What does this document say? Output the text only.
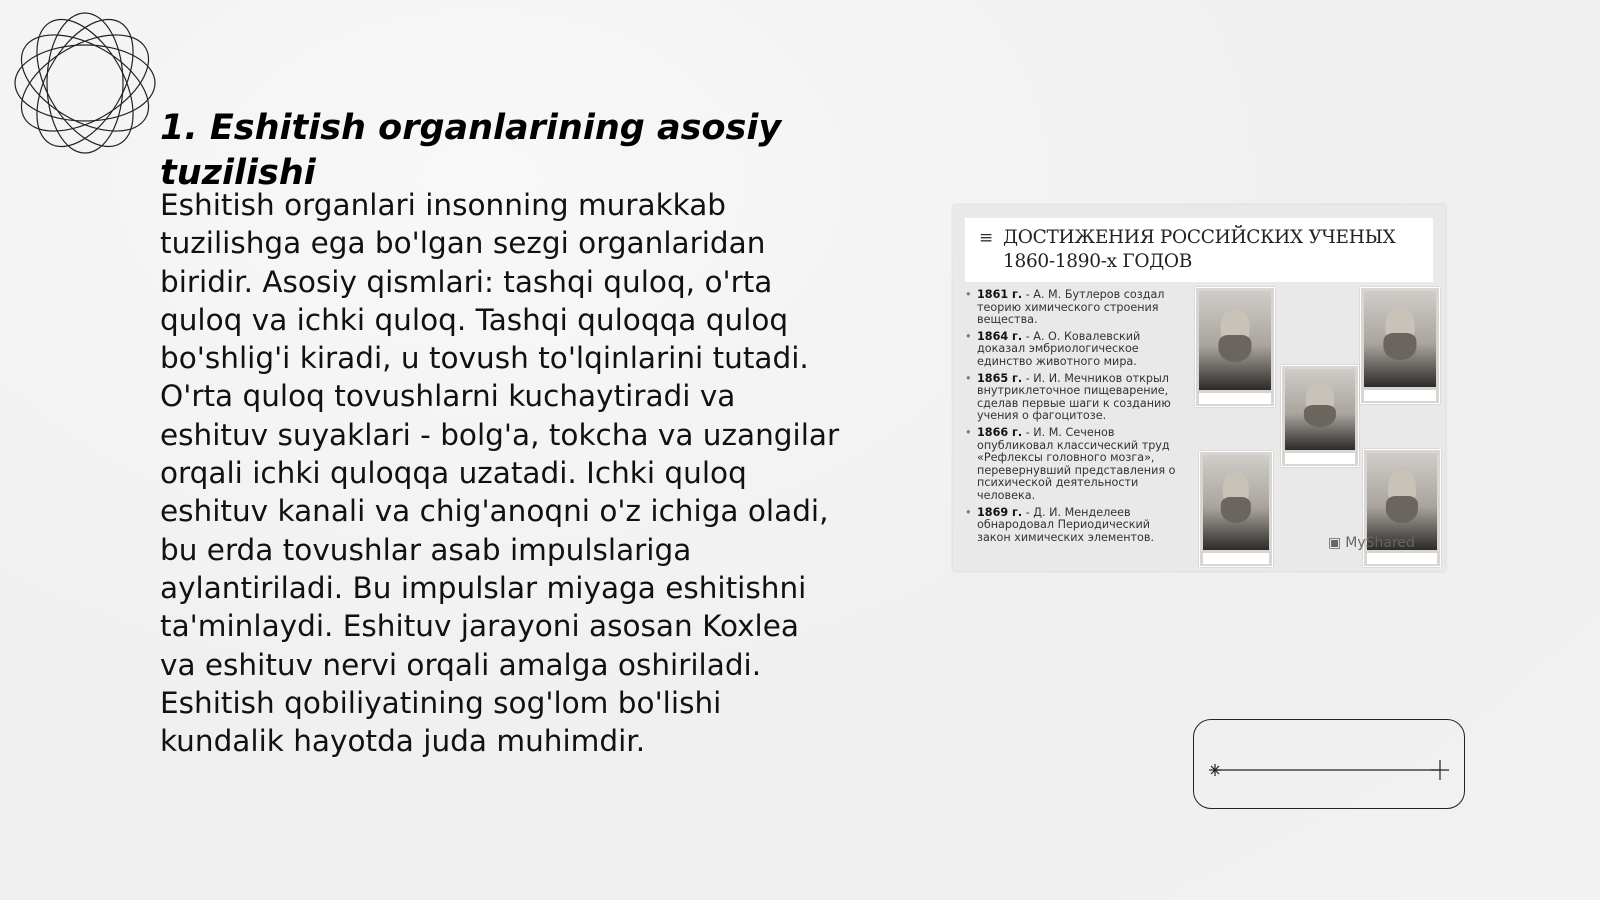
1. Eshitish organlarining asosiy tuzilishi

Eshitish organlari insonning murakkab tuzilishga ega bo'lgan sezgi organlaridan biridir. Asosiy qismlari: tashqi quloq, o'rta quloq va ichki quloq. Tashqi quloqqa quloq bo'shlig'i kiradi, u tovush to'lqinlarini tutadi. O'rta quloq tovushlarni kuchaytiradi va eshituv suyaklari - bolg'a, tokcha va uzangilar orqali ichki quloqqa uzatadi. Ichki quloq eshituv kanali va chig'anoqni o'z ichiga oladi, bu erda tovushlar asab impulslariga aylantiriladi. Bu impulslar miyaga eshitishni ta'minlaydi. Eshituv jarayoni asosan Koxlea va eshituv nervi orqali amalga oshiriladi. Eshitish qobiliyatining sog'lom bo'lishi kundalik hayotda juda muhimdir.

≡ ДОСТИЖЕНИЯ РОССИЙСКИХ УЧЕНЫХ

1860-1890-х ГОДОВ

• 1861 г. - А. М. Бутлеров создал теорию химического строения вещества.
• 1864 г. - А. О. Ковалевский доказал эмбриологическое единство животного мира.
• 1865 г. - И. И. Мечников открыл внутриклеточное пищеварение, сделав первые шаги к созданию учения о фагоцитозе.
• 1866 г. - И. М. Сеченов опубликовал классический труд «Рефлексы головного мозга», перевернувший представления о психической деятельности человека.
• 1869 г. - Д. И. Менделеев обнародовал Периодический закон химических элементов.	▣ MyShared
